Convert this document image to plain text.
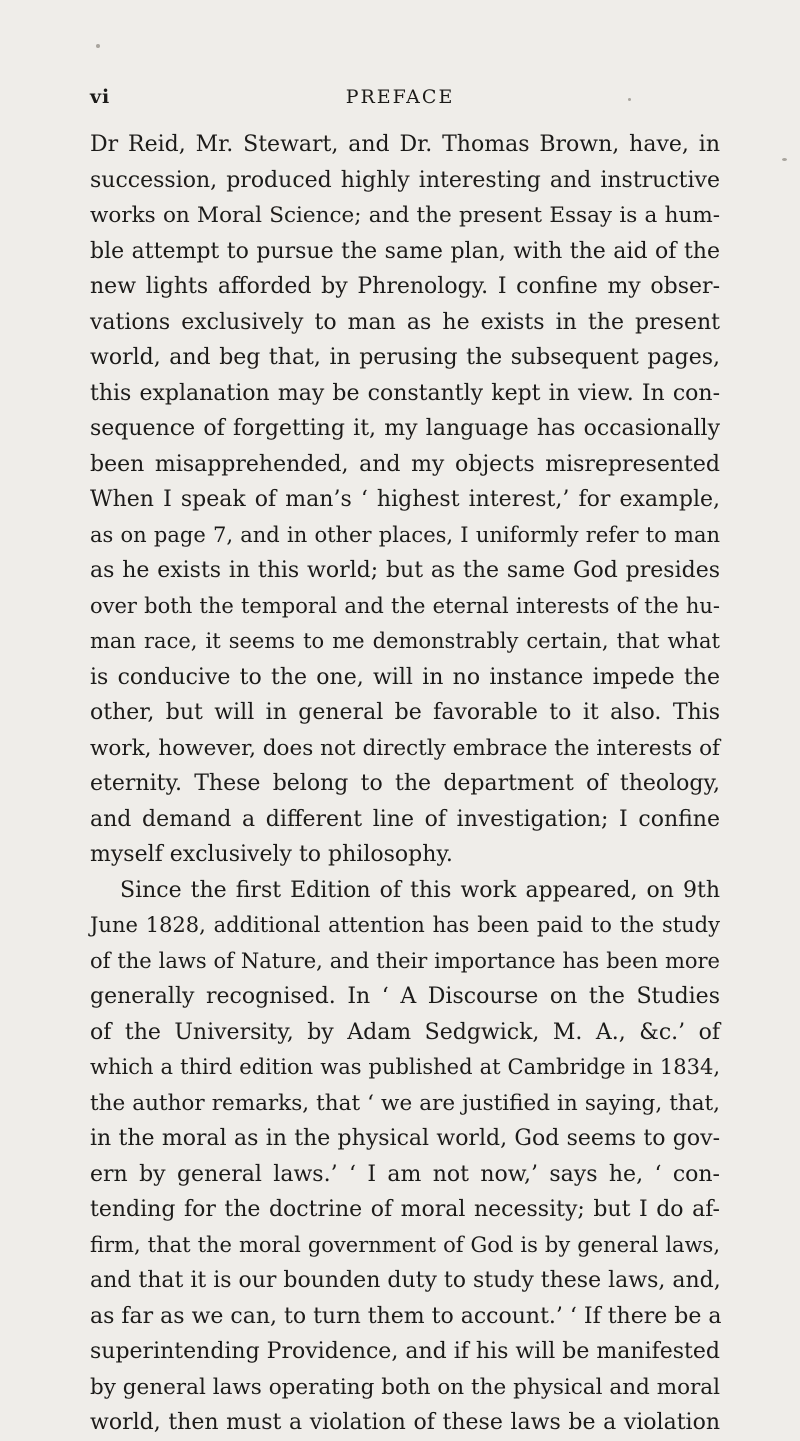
vi	PREFACE
Dr Reid, Mr. Stewart, and Dr. Thomas Brown, have, in
succession, produced highly interesting and instructive
works on Moral Science; and the present Essay is a hum-
ble attempt to pursue the same plan, with the aid of the
new lights afforded by Phrenology. I confine my obser-
vations exclusively to man as he exists in the present
world, and beg that, in perusing the subsequent pages,
this explanation may be constantly kept in view. In con-
sequence of forgetting it, my language has occasionally
been misapprehended, and my objects misrepresented
When I speak of man’s ‘ highest interest,’ for example,
as on page 7, and in other places, I uniformly refer to man
as he exists in this world; but as the same God presides
over both the temporal and the eternal interests of the hu-
man race, it seems to me demonstrably certain, that what
is conducive to the one, will in no instance impede the
other, but will in general be favorable to it also. This
work, however, does not directly embrace the interests of
eternity. These belong to the department of theology,
and demand a different line of investigation; I confine
myself exclusively to philosophy.
Since the first Edition of this work appeared, on 9th
June 1828, additional attention has been paid to the study
of the laws of Nature, and their importance has been more
generally recognised. In ‘ A Discourse on the Studies
of the University, by Adam Sedgwick, M. A., &c.’ of
which a third edition was published at Cambridge in 1834,
the author remarks, that ‘ we are justified in saying, that,
in the moral as in the physical world, God seems to gov-
ern by general laws.’ ‘ I am not now,’ says he, ‘ con-
tending for the doctrine of moral necessity; but I do af-
firm, that the moral government of God is by general laws,
and that it is our bounden duty to study these laws, and,
as far as we can, to turn them to account.’ ‘ If there be a
superintending Providence, and if his will be manifested
by general laws operating both on the physical and moral
world, then must a violation of these laws be a violation
